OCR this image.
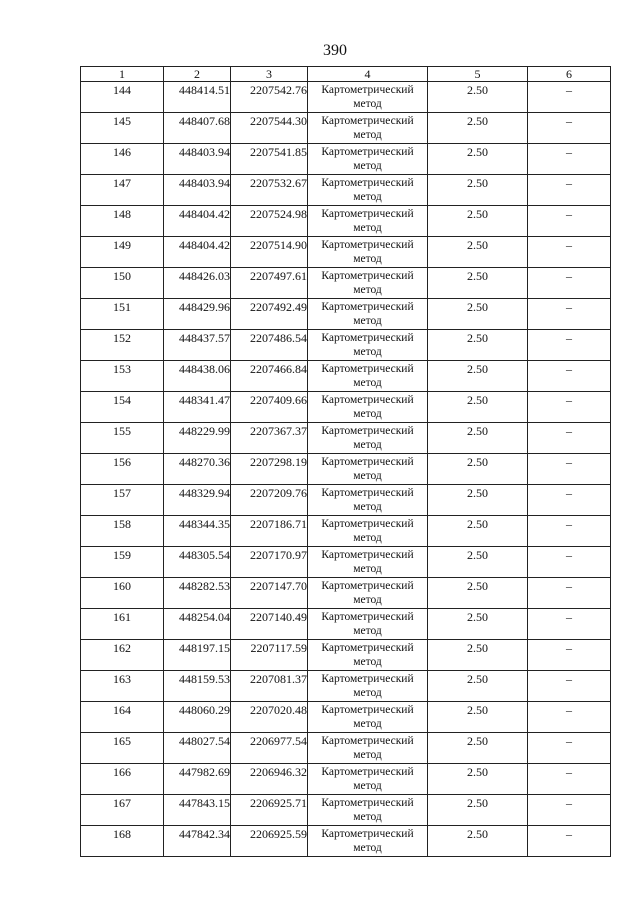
390
1	2	3	4	5	6
144	448414.51	2207542.76	Картометрический метод	2.50	–
145	448407.68	2207544.30	Картометрический метод	2.50	–
146	448403.94	2207541.85	Картометрический метод	2.50	–
147	448403.94	2207532.67	Картометрический метод	2.50	–
148	448404.42	2207524.98	Картометрический метод	2.50	–
149	448404.42	2207514.90	Картометрический метод	2.50	–
150	448426.03	2207497.61	Картометрический метод	2.50	–
151	448429.96	2207492.49	Картометрический метод	2.50	–
152	448437.57	2207486.54	Картометрический метод	2.50	–
153	448438.06	2207466.84	Картометрический метод	2.50	–
154	448341.47	2207409.66	Картометрический метод	2.50	–
155	448229.99	2207367.37	Картометрический метод	2.50	–
156	448270.36	2207298.19	Картометрический метод	2.50	–
157	448329.94	2207209.76	Картометрический метод	2.50	–
158	448344.35	2207186.71	Картометрический метод	2.50	–
159	448305.54	2207170.97	Картометрический метод	2.50	–
160	448282.53	2207147.70	Картометрический метод	2.50	–
161	448254.04	2207140.49	Картометрический метод	2.50	–
162	448197.15	2207117.59	Картометрический метод	2.50	–
163	448159.53	2207081.37	Картометрический метод	2.50	–
164	448060.29	2207020.48	Картометрический метод	2.50	–
165	448027.54	2206977.54	Картометрический метод	2.50	–
166	447982.69	2206946.32	Картометрический метод	2.50	–
167	447843.15	2206925.71	Картометрический метод	2.50	–
168	447842.34	2206925.59	Картометрический метод	2.50	–
